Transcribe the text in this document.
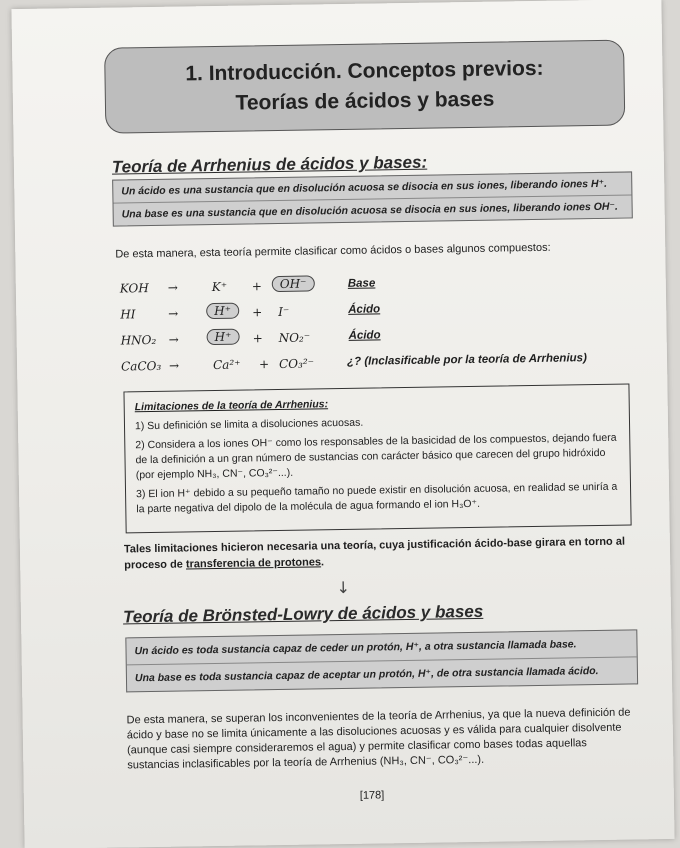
1. Introducción. Conceptos previos:
Teorías de ácidos y bases
Teoría de Arrhenius de ácidos y bases:
Un ácido es una sustancia que en disolución acuosa se disocia en sus iones, liberando iones H⁺.
Una base es una sustancia que en disolución acuosa se disocia en sus iones, liberando iones OH⁻.
De esta manera, esta teoría permite clasificar como ácidos o bases algunos compuestos:
KOH →	K⁺ +	OH⁻	Base
HI	→	H⁺	+ I⁻	Ácido
HNO₂ →	H⁺	+ NO₂⁻	Ácido
CaCO₃ →	Ca²⁺ + CO₃²⁻	¿? (Inclasificable por la teoría de Arrhenius)
Limitaciones de la teoría de Arrhenius:

1) Su definición se limita a disoluciones acuosas.

2) Considera a los iones OH⁻ como los responsables de la basicidad de los compuestos, dejando fuera de la definición a un gran número de sustancias con carácter básico que carecen del grupo hidróxido (por ejemplo NH₃, CN⁻, CO₃²⁻...).

3) El ion H⁺ debido a su pequeño tamaño no puede existir en disolución acuosa, en realidad se uniría a la parte negativa del dipolo de la molécula de agua formando el ion H₃O⁺.

Tales limitaciones hicieron necesaria una teoría, cuya justificación ácido-base girara en torno al proceso de transferencia de protones.
↓
Teoría de Brönsted-Lowry de ácidos y bases
Un ácido es toda sustancia capaz de ceder un protón, H⁺, a otra sustancia llamada base.
Una base es toda sustancia capaz de aceptar un protón, H⁺, de otra sustancia llamada ácido.
De esta manera, se superan los inconvenientes de la teoría de Arrhenius, ya que la nueva definición de ácido y base no se limita únicamente a las disoluciones acuosas y es válida para cualquier disolvente (aunque casi siempre consideraremos el agua) y permite clasificar como bases todas aquellas sustancias inclasificables por la teoría de Arrhenius (NH₃, CN⁻, CO₃²⁻...).
[178]
